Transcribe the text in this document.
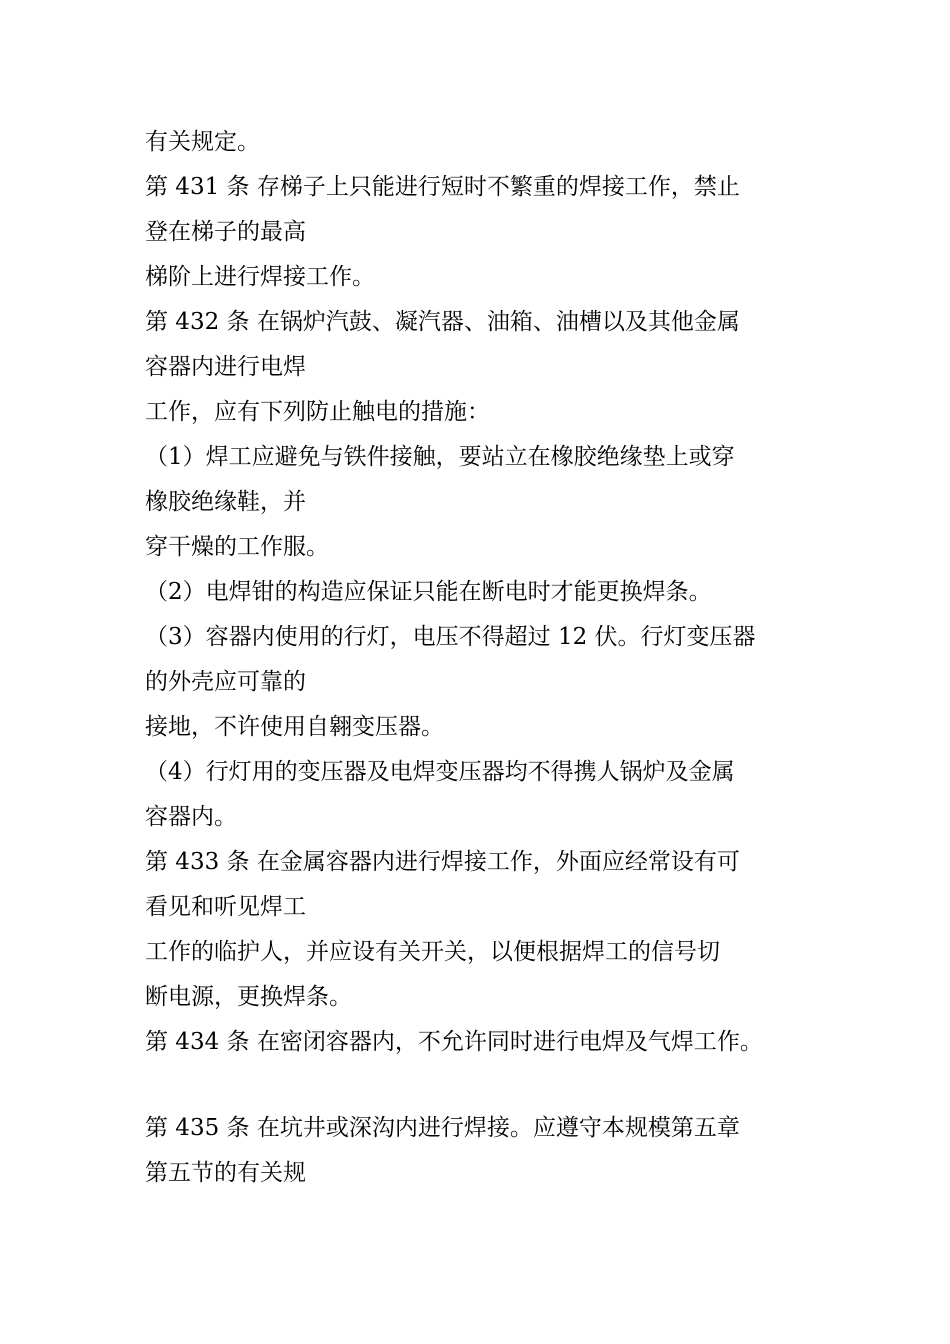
有关规定。
第 431 条 存梯子上只能进行短时不繁重的焊接工作，禁止
登在梯子的最高
梯阶上进行焊接工作。
第 432 条 在锅炉汽鼓、凝汽器、油箱、油槽以及其他金属
容器内进行电焊
工作，应有下列防止触电的措施：
（1）焊工应避免与铁件接触，要站立在橡胶绝缘垫上或穿
橡胶绝缘鞋，并
穿干燥的工作服。
（2）电焊钳的构造应保证只能在断电时才能更换焊条。
（3）容器内使用的行灯，电压不得超过 12 伏。行灯变压器
的外壳应可靠的
接地，不许使用自翱变压器。
（4）行灯用的变压器及电焊变压器均不得携人锅炉及金属
容器内。
第 433 条 在金属容器内进行焊接工作，外面应经常设有可
看见和听见焊工
工作的临护人，并应设有关开关，以便根据焊工的信号切
断电源，更换焊条。
第 434 条 在密闭容器内，不允许同时进行电焊及气焊工作。
第 435 条 在坑井或深沟内进行焊接。应遵守本规模第五章
第五节的有关规
